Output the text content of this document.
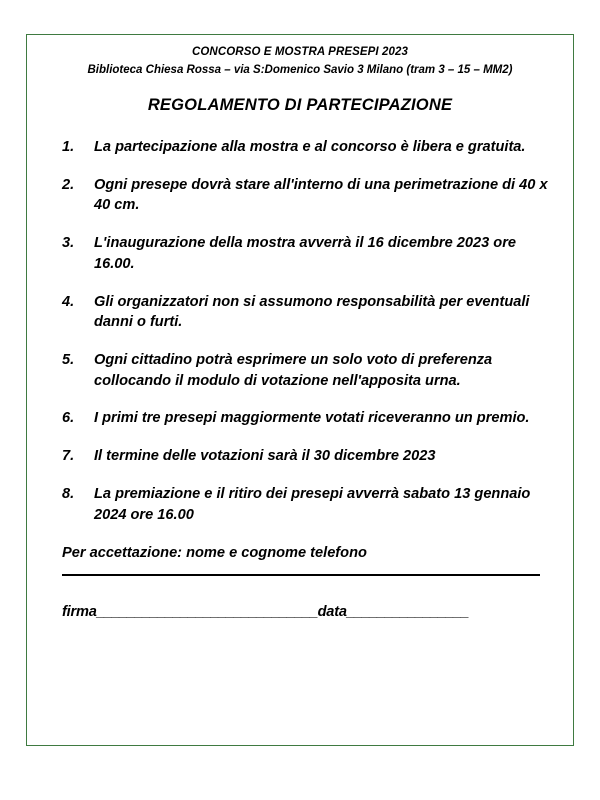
CONCORSO E MOSTRA PRESEPI 2023
Biblioteca Chiesa Rossa – via S:Domenico Savio 3 Milano (tram 3 – 15 – MM2)
REGOLAMENTO DI PARTECIPAZIONE
1.	La partecipazione alla mostra e al concorso è libera e gratuita.
2.	Ogni presepe dovrà stare all'interno di una perimetrazione di 40 x 40 cm.
3.	L'inaugurazione della mostra avverrà il 16 dicembre 2023 ore 16.00.
4.	Gli organizzatori non si assumono responsabilità per eventuali danni o furti.
5.	Ogni cittadino potrà esprimere un solo voto di preferenza collocando il modulo di votazione nell'apposita urna.
6.	I primi tre presepi maggiormente votati riceveranno un premio.
7.	Il termine delle votazioni sarà il 30 dicembre 2023
8.	La premiazione e il ritiro dei presepi avverrà sabato 13 gennaio 2024 ore 16.00
Per accettazione: nome e cognome telefono
firma_____________________________data________________
